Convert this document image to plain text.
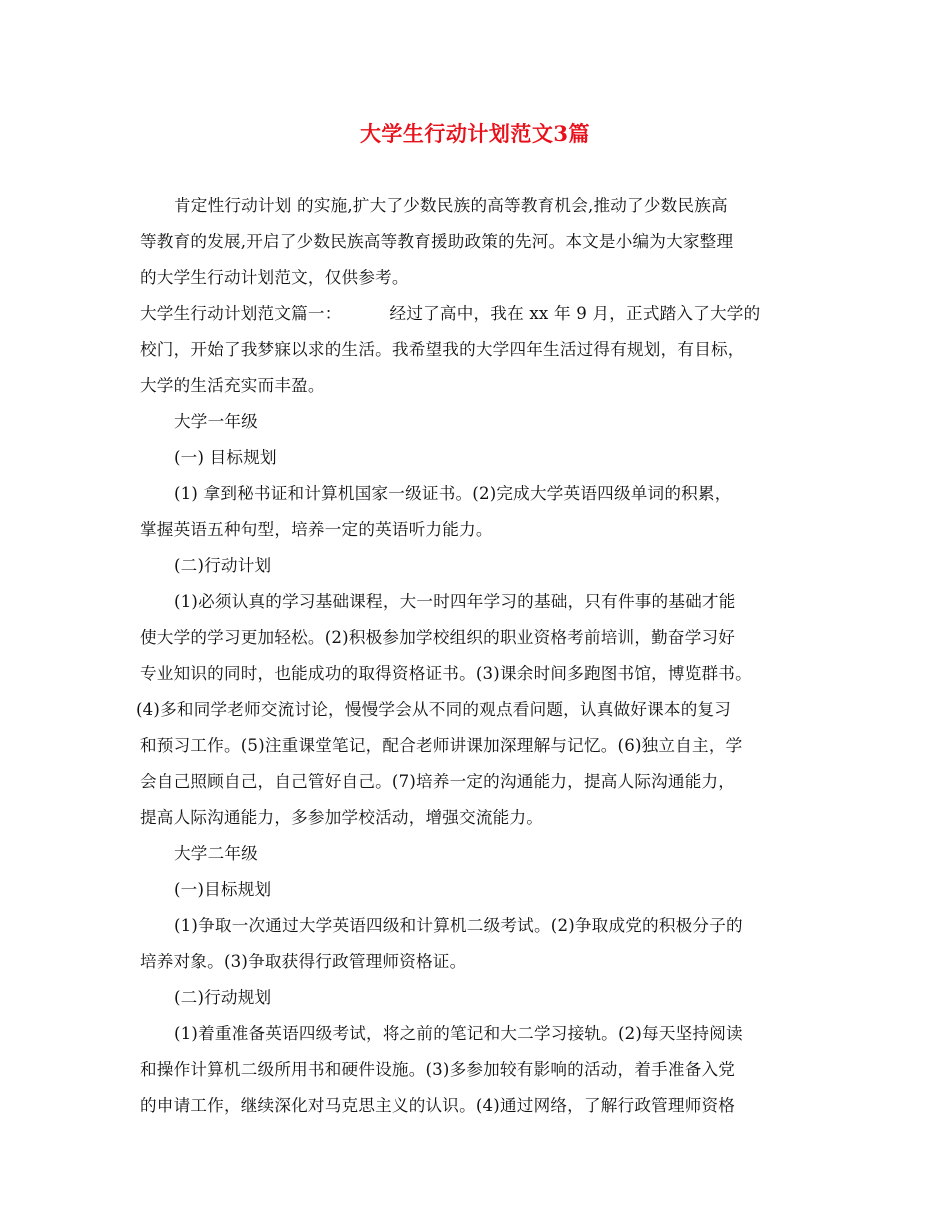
大学生行动计划范文3篇
肯定性行动计划 的实施,扩大了少数民族的高等教育机会,推动了少数民族高
等教育的发展,开启了少数民族高等教育援助政策的先河。本文是小编为大家整理
的大学生行动计划范文，仅供参考。
大学生行动计划范文篇一：	经过了高中，我在 xx 年 9 月，正式踏入了大学的
校门，开始了我梦寐以求的生活。我希望我的大学四年生活过得有规划，有目标，
大学的生活充实而丰盈。
大学一年级
(一) 目标规划
(1) 拿到秘书证和计算机国家一级证书。(2)完成大学英语四级单词的积累，
掌握英语五种句型，培养一定的英语听力能力。
(二)行动计划
(1)必须认真的学习基础课程，大一时四年学习的基础，只有件事的基础才能
使大学的学习更加轻松。(2)积极参加学校组织的职业资格考前培训，勤奋学习好
专业知识的同时，也能成功的取得资格证书。(3)课余时间多跑图书馆，博览群书。
(4)多和同学老师交流讨论，慢慢学会从不同的观点看问题，认真做好课本的复习
和预习工作。(5)注重课堂笔记，配合老师讲课加深理解与记忆。(6)独立自主，学
会自己照顾自己，自己管好自己。(7)培养一定的沟通能力，提高人际沟通能力，
提高人际沟通能力，多参加学校活动，增强交流能力。
大学二年级
(一)目标规划
(1)争取一次通过大学英语四级和计算机二级考试。(2)争取成党的积极分子的
培养对象。(3)争取获得行政管理师资格证。
(二)行动规划
(1)着重准备英语四级考试，将之前的笔记和大二学习接轨。(2)每天坚持阅读
和操作计算机二级所用书和硬件设施。(3)多参加较有影响的活动，着手准备入党
的申请工作，继续深化对马克思主义的认识。(4)通过网络，了解行政管理师资格
